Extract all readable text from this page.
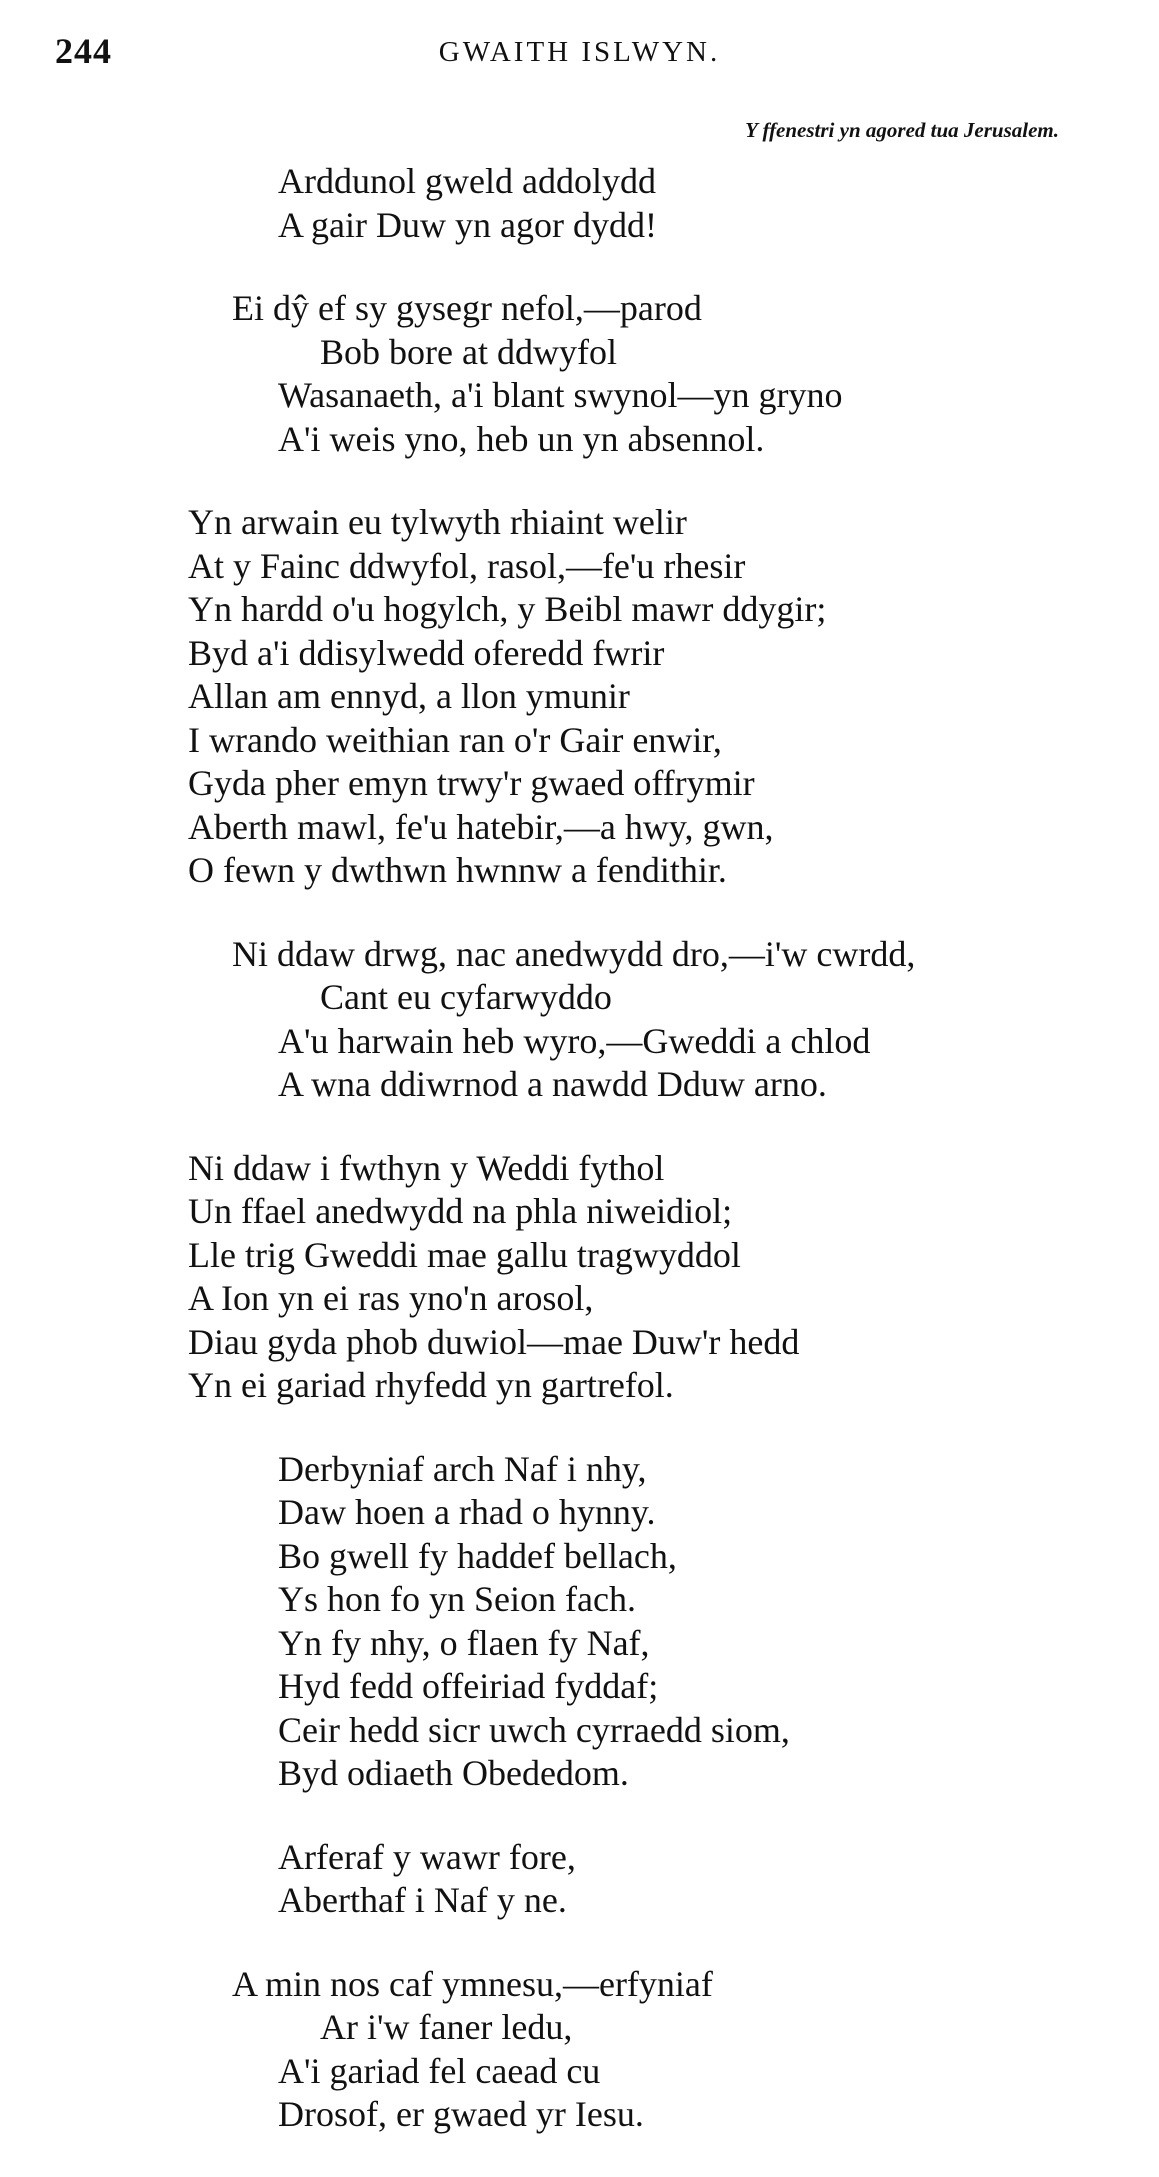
244	GWAITH ISLWYN.
Y ffenestri yn agored tua Jerusalem.
Arddunol gweld addolydd
A gair Duw yn agor dydd!
Ei dŷ ef sy gysegr nefol,—parod
Bob bore at ddwyfol
Wasanaeth, a'i blant swynol—yn gryno
A'i weis yno, heb un yn absennol.
Yn arwain eu tylwyth rhiaint welir
At y Fainc ddwyfol, rasol,—fe'u rhesir
Yn hardd o'u hogylch, y Beibl mawr ddygir;
Byd a'i ddisylwedd oferedd fwrir
Allan am ennyd, a llon ymunir
I wrando weithian ran o'r Gair enwir,
Gyda pher emyn trwy'r gwaed offrymir
Aberth mawl, fe'u hatebir,—a hwy, gwn,
O fewn y dwthwn hwnnw a fendithir.
Ni ddaw drwg, nac anedwydd dro,—i'w cwrdd,
Cant eu cyfarwyddo
A'u harwain heb wyro,—Gweddi a chlod
A wna ddiwrnod a nawdd Dduw arno.
Ni ddaw i fwthyn y Weddi fythol
Un ffael anedwydd na phla niweidiol;
Lle trig Gweddi mae gallu tragwyddol
A Ion yn ei ras yno'n arosol,
Diau gyda phob duwiol—mae Duw'r hedd
Yn ei gariad rhyfedd yn gartrefol.
Derbyniaf arch Naf i nhy,
Daw hoen a rhad o hynny.
Bo gwell fy haddef bellach,
Ys hon fo yn Seion fach.
Yn fy nhy, o flaen fy Naf,
Hyd fedd offeiriad fyddaf;
Ceir hedd sicr uwch cyrraedd siom,
Byd odiaeth Obededom.
Arferaf y wawr fore,
Aberthaf i Naf y ne.
A min nos caf ymnesu,—erfyniaf
Ar i'w faner ledu,
A'i gariad fel caead cu
Drosof, er gwaed yr Iesu.
